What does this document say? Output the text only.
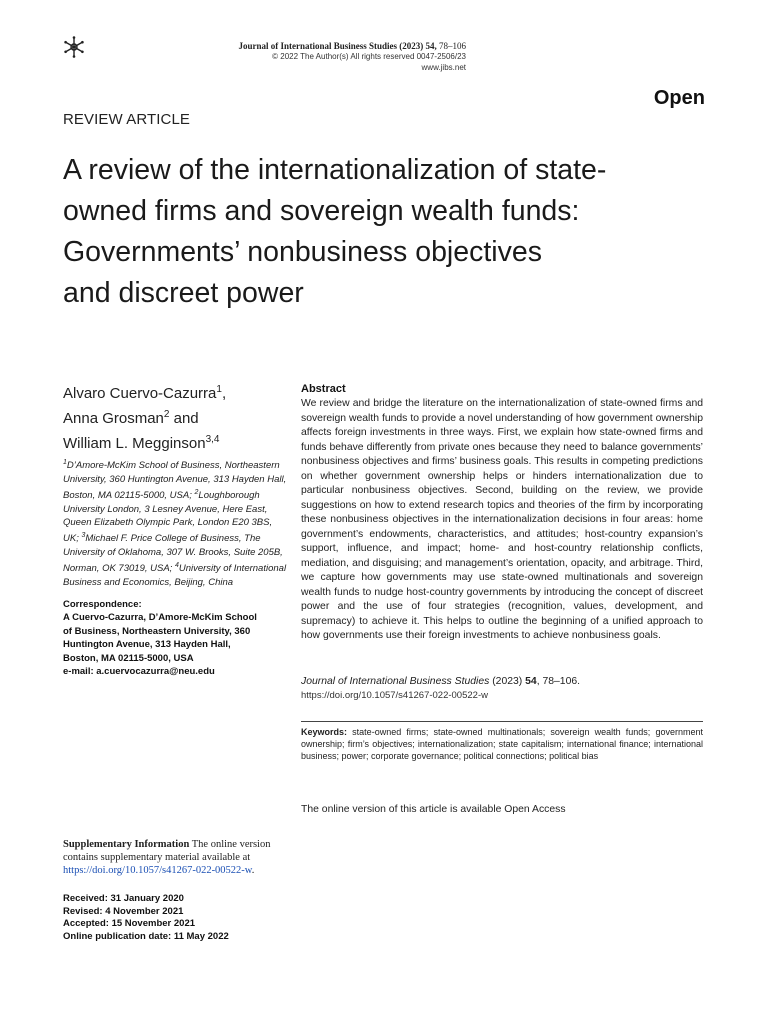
Journal of International Business Studies (2023) 54, 78–106
© 2022 The Author(s) All rights reserved 0047-2506/23
www.jibs.net
Open
REVIEW ARTICLE
A review of the internationalization of state-
owned firms and sovereign wealth funds:
Governments’ nonbusiness objectives
and discreet power
Alvaro Cuervo-Cazurra$^1$,
Anna Grosman$^2$ and
William L. Megginson$^{3,4}$
$^1$D’Amore-McKim School of Business, Northeastern University, 360 Huntington Avenue, 313 Hayden Hall, Boston, MA 02115-5000, USA; $^2$Loughborough University London, 3 Lesney Avenue, Here East, Queen Elizabeth Olympic Park, London E20 3BS, UK; $^3$Michael F. Price College of Business, The University of Oklahoma, 307 W. Brooks, Suite 205B, Norman, OK 73019, USA; $^4$University of International Business and Economics, Beijing, China
Correspondence:
A Cuervo-Cazurra, D’Amore-McKim School
of Business, Northeastern University, 360
Huntington Avenue, 313 Hayden Hall,
Boston, MA 02115-5000, USA
e-mail: a.cuervocazurra@neu.edu
Supplementary Information The online version contains supplementary material available at https://doi.org/10.1057/s41267-022-00522-w.
Received: 31 January 2020
Revised: 4 November 2021
Accepted: 15 November 2021
Online publication date: 11 May 2022
Abstract
We review and bridge the literature on the internationalization of state-owned firms and sovereign wealth funds to provide a novel understanding of how government ownership affects foreign investments in three ways. First, we explain how state-owned firms and funds behave differently from private ones because they need to balance governments’ nonbusiness objectives and firms’ business goals. This results in competing predictions on whether government ownership helps or hinders internationalization due to particular nonbusiness objectives. Second, building on the review, we provide suggestions on how to extend research topics and theories of the firm by incorporating these nonbusiness objectives in the internationalization decisions in four areas: home government’s endowments, characteristics, and attitudes; host-country expansion’s support, influence, and impact; home- and host-country relationship conflicts, mediation, and disguising; and management’s orientation, opacity, and arbitrage. Third, we capture how governments may use state-owned multinationals and sovereign wealth funds to nudge host-country governments by introducing the concept of discreet power and the use of four strategies (recognition, values, development, and supremacy) to achieve it. This helps to outline the beginning of a unified approach to how governments use their foreign investments to achieve nonbusiness goals.
Journal of International Business Studies (2023) 54, 78–106.
https://doi.org/10.1057/s41267-022-00522-w
Keywords: state-owned firms; state-owned multinationals; sovereign wealth funds; government ownership; firm’s objectives; internationalization; state capitalism; international finance; international business; power; corporate governance; political connections; political bias
The online version of this article is available Open Access
